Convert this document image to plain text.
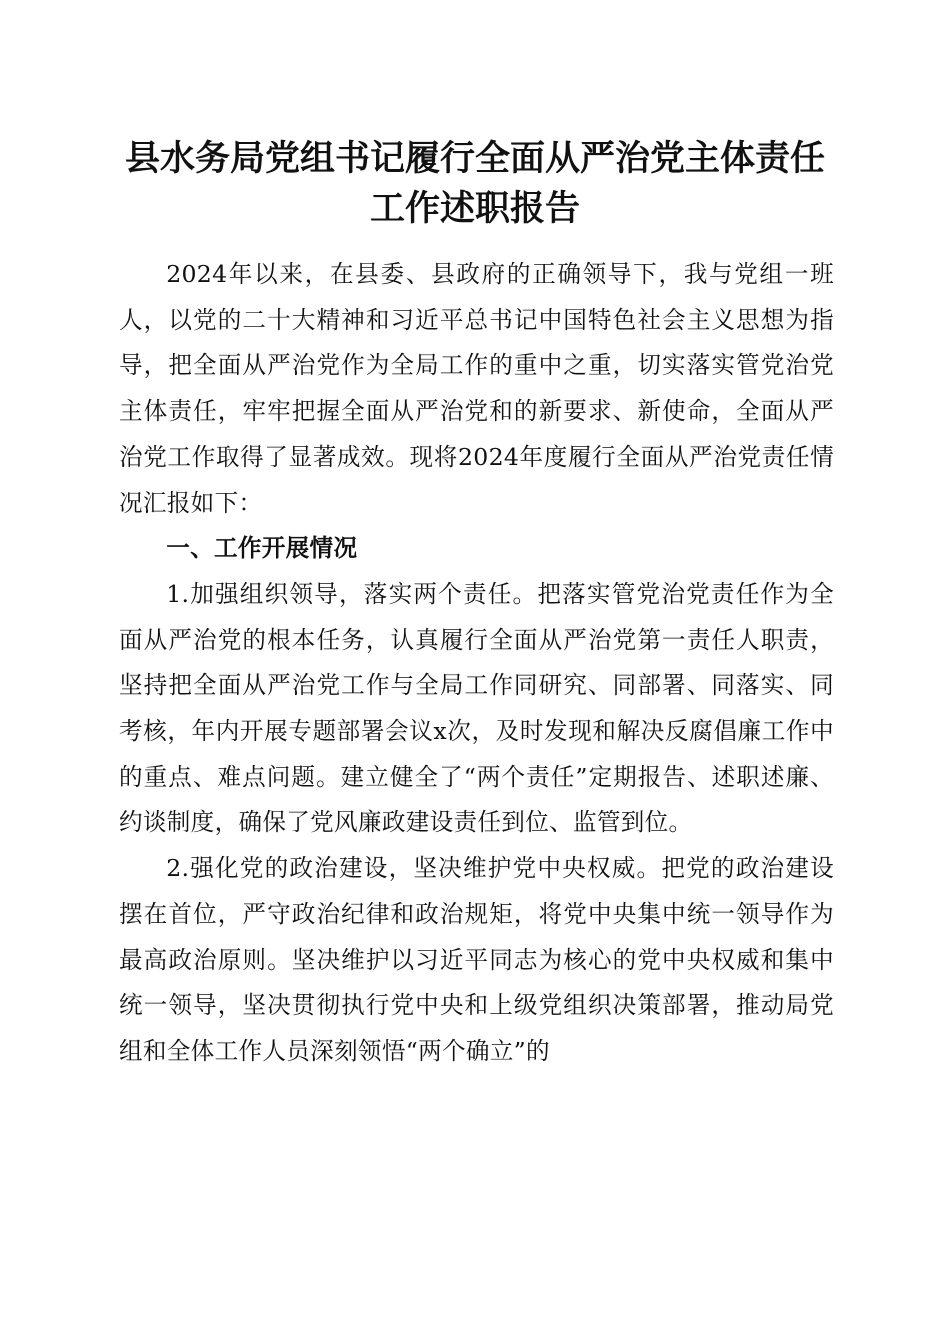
县水务局党组书记履行全面从严治党主体责任
工作述职报告

2024年以来，在县委、县政府的正确领导下，我与党组一班人，以党的二十大精神和习近平总书记中国特色社会主义思想为指导，把全面从严治党作为全局工作的重中之重，切实落实管党治党主体责任，牢牢把握全面从严治党和的新要求、新使命，全面从严治党工作取得了显著成效。现将2024年度履行全面从严治党责任情况汇报如下：

一、工作开展情况

1.加强组织领导，落实两个责任。把落实管党治党责任作为全面从严治党的根本任务，认真履行全面从严治党第一责任人职责，坚持把全面从严治党工作与全局工作同研究、同部署、同落实、同考核，年内开展专题部署会议x次，及时发现和解决反腐倡廉工作中的重点、难点问题。建立健全了“两个责任”定期报告、述职述廉、约谈制度，确保了党风廉政建设责任到位、监管到位。

2.强化党的政治建设，坚决维护党中央权威。把党的政治建设摆在首位，严守政治纪律和政治规矩，将党中央集中统一领导作为最高政治原则。坚决维护以习近平同志为核心的党中央权威和集中统一领导，坚决贯彻执行党中央和上级党组织决策部署，推动局党组和全体工作人员深刻领悟“两个确立”的
